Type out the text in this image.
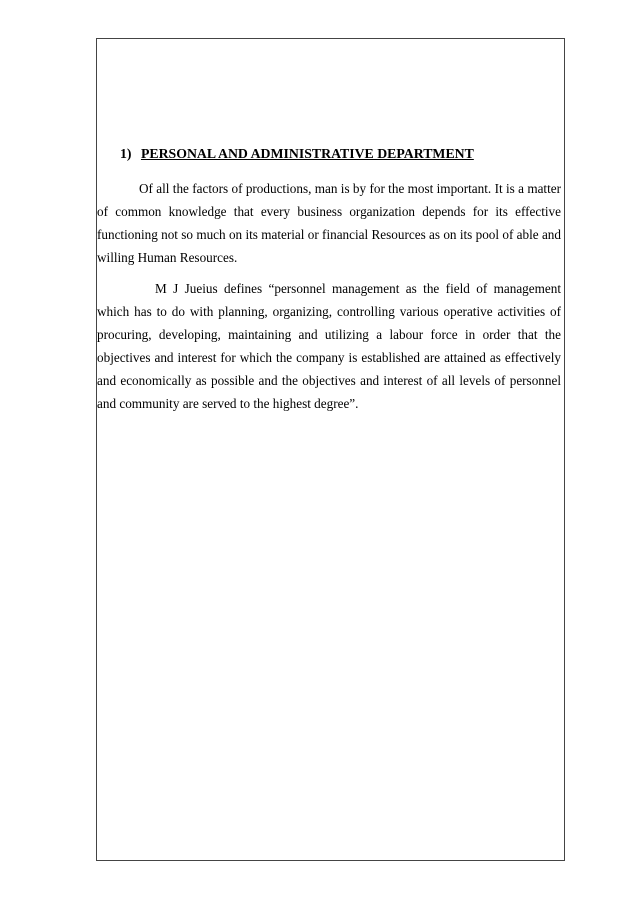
1) PERSONAL AND ADMINISTRATIVE DEPARTMENT

Of all the factors of productions, man is by for the most important. It is a matter of common knowledge that every business organization depends for its effective functioning not so much on its material or financial Resources as on its pool of able and willing Human Resources.

M J Jueius defines “personnel management as the field of management which has to do with planning, organizing, controlling various operative activities of procuring, developing, maintaining and utilizing a labour force in order that the objectives and interest for which the company is established are attained as effectively and economically as possible and the objectives and interest of all levels of personnel and community are served to the highest degree”.
